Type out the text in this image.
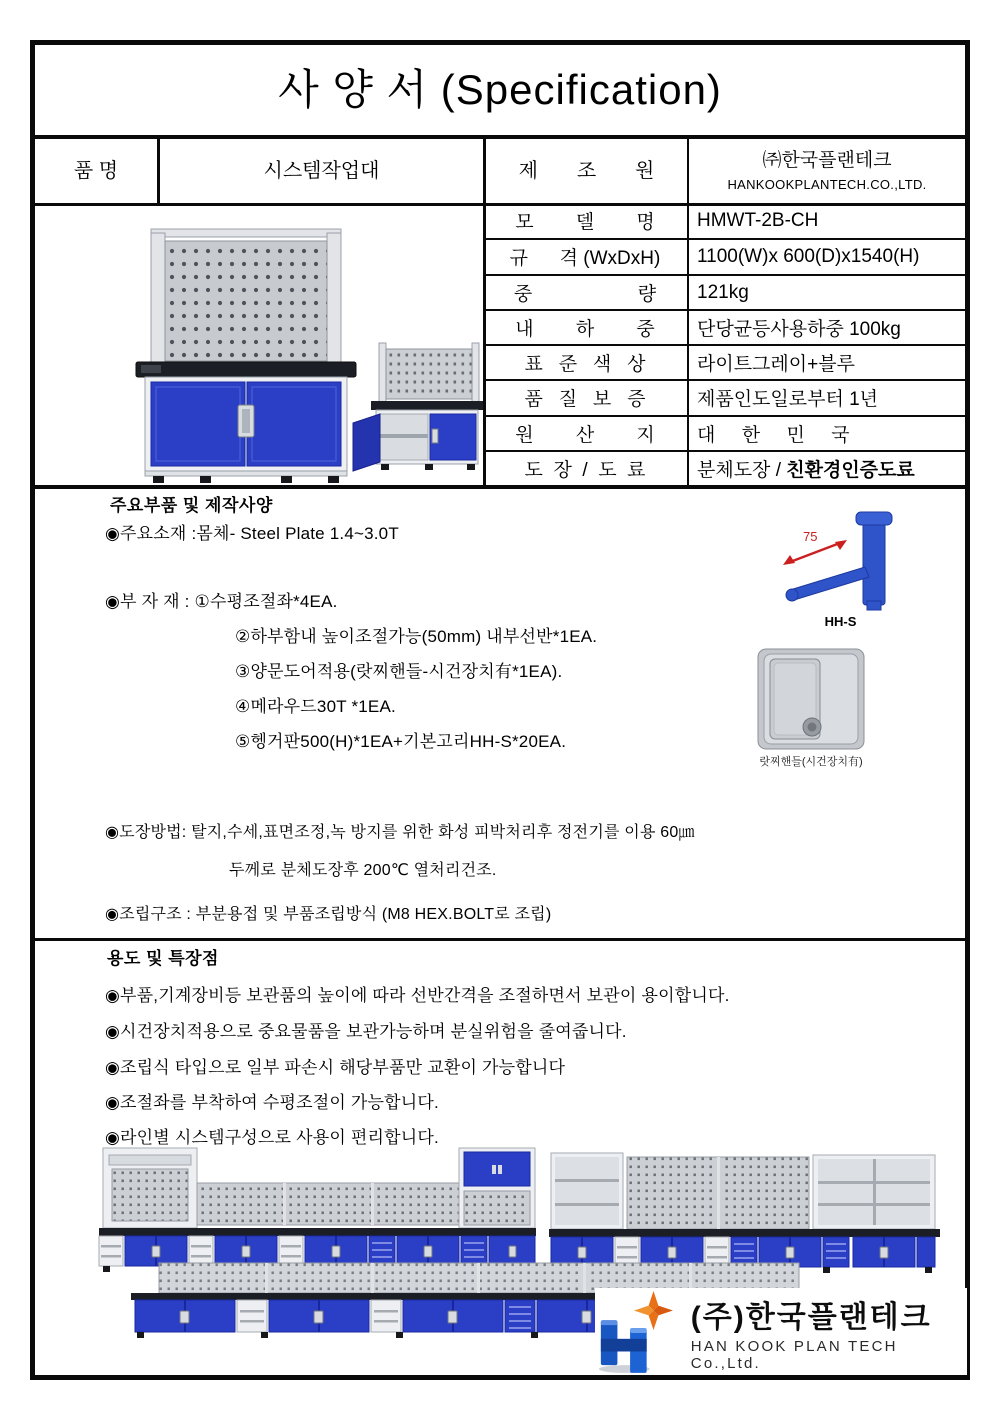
사 양 서 (Specification)
품 명	시스템작업대	제       조       원	㈜한국플랜테크
HANKOOKPLANTECH.CO.,LTD.
모        델        명	HMWT-2B-CH
규      격 (WxDxH)	1100(W)x 600(D)x1540(H)
중                    량	121kg
내        하        중	단당균등사용하중 100kg
표   준   색   상	라이트그레이+블루
품   질   보   증	제품인도일로부터 1년
원        산        지	대     한     민     국
도  장  /  도  료	분체도장 / 친환경인증도료
주요부품 및 제작사양
◉주요소재 :몸체- Steel Plate 1.4~3.0T
◉부 자 재 : ①수평조절좌*4EA.
②하부함내 높이조절가능(50mm) 내부선반*1EA.
③양문도어적용(랏찌핸들-시건장치有*1EA).
④메라우드30T *1EA.
⑤헹거판500(H)*1EA+기본고리HH-S*20EA.
◉도장방법: 탈지,수세,표면조정,녹 방지를 위한 화성 피박처리후 정전기를 이용 60㎛
두께로 분체도장후 200℃ 열처리건조.
◉조립구조 : 부분용접 및 부품조립방식 (M8 HEX.BOLT로 조립)
75
HH-S
랏찌핸들(시건장치有)
용도 및 특장점
◉부품,기계장비등 보관품의 높이에 따라 선반간격을 조절하면서 보관이 용이합니다.
◉시건장치적용으로 중요물품을 보관가능하며 분실위험을 줄여줍니다.
◉조립식 타입으로 일부 파손시 해당부품만 교환이 가능합니다
◉조절좌를 부착하여 수평조절이 가능합니다.
◉라인별 시스템구성으로 사용이 편리합니다.
(주)한국플랜테크
HAN KOOK PLAN TECH Co.,Ltd.
